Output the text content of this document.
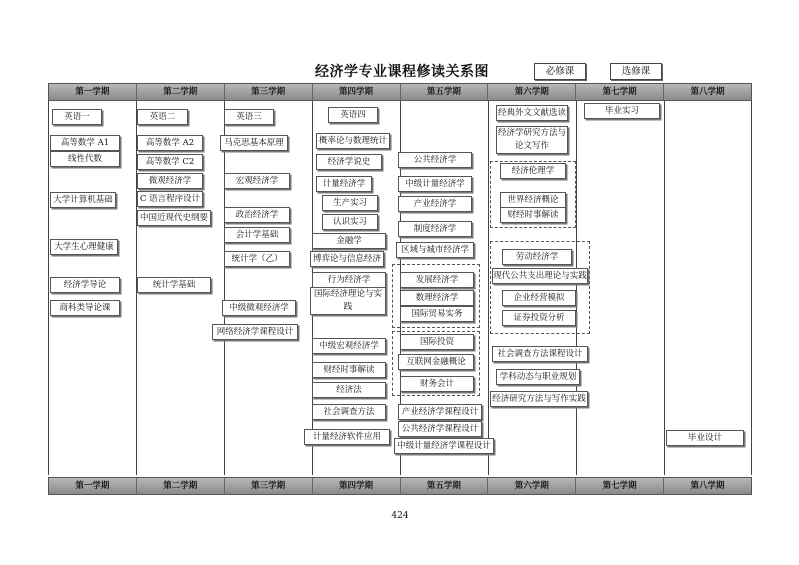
经济学专业课程修读关系图	必修课	选修课
第一学期	第二学期	第三学期	第四学期	第五学期	第六学期	第七学期	第八学期
英语一
高等数学 A1
线性代数
大学计算机基础
大学生心理健康
经济学导论
商科类导论课
英语二
高等数学 A2
高等数学 C2
微观经济学
C 语言程序设计
中国近现代史纲要
统计学基础
英语三
马克思基本原理
宏观经济学
政治经济学
会计学基础
统计学（乙）
中级微观经济学
网络经济学课程设计
英语四
概率论与数理统计
经济学说史
计量经济学
生产实习
认识实习
金融学
博弈论与信息经济
行为经济学
国际经济理论与实践
中级宏观经济学
财经时事解读
经济法
社会调查方法
计量经济软件应用
公共经济学
中级计量经济学
产业经济学
制度经济学
区域与城市经济学
发展经济学
数理经济学
国际贸易实务
国际投资
互联网金融概论
财务会计
产业经济学课程设计
公共经济学课程设计
中级计量经济学课程设计
经典外文文献选读
经济学研究方法与论文写作
经济伦理学
世界经济概论
财经时事解读
劳动经济学
现代公共支出理论与实践
企业经营模拟
证券投资分析
社会调查方法课程设计
学科动态与职业规划
经济研究方法与写作实践
毕业实习
毕业设计
第一学期	第二学期	第三学期	第四学期	第五学期	第六学期	第七学期	第八学期
424
